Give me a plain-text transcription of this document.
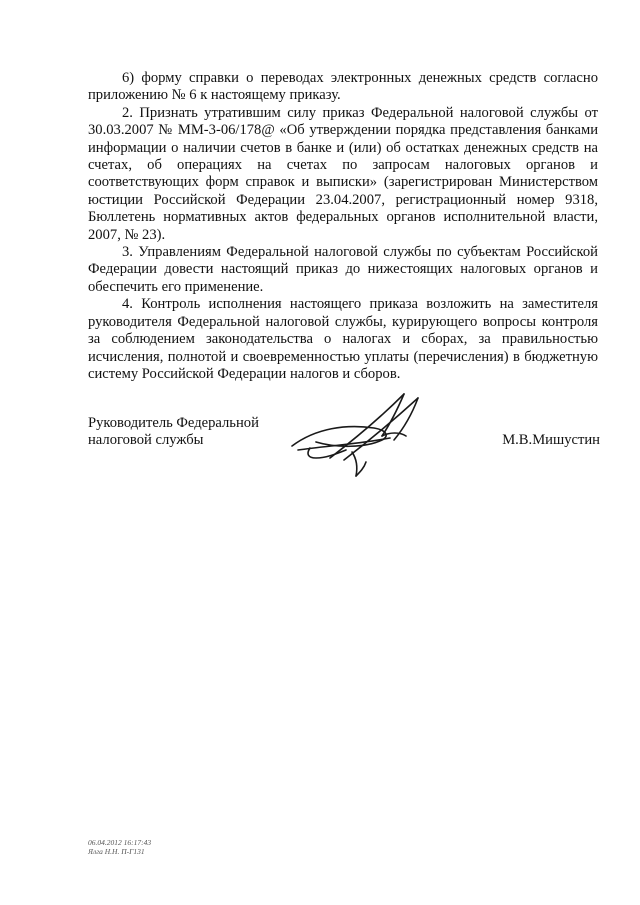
6) форму справки о переводах электронных денежных средств согласно приложению № 6 к настоящему приказу.

2. Признать утратившим силу приказ Федеральной налоговой службы от 30.03.2007 № ММ-3-06/178@ «Об утверждении порядка представления банками информации о наличии счетов в банке и (или) об остатках денежных средств на счетах, об операциях на счетах по запросам налоговых органов и соответствующих форм справок и выписки» (зарегистрирован Министерством юстиции Российской Федерации 23.04.2007, регистрационный номер 9318, Бюллетень нормативных актов федеральных органов исполнительной власти, 2007, № 23).

3. Управлениям Федеральной налоговой службы по субъектам Российской Федерации довести настоящий приказ до нижестоящих налоговых органов и обеспечить его применение.

4. Контроль исполнения настоящего приказа возложить на заместителя руководителя Федеральной налоговой службы, курирующего вопросы контроля за соблюдением законодательства о налогах и сборах, за правильностью исчисления, полнотой и своевременностью уплаты (перечисления) в бюджетную систему Российской Федерации налогов и сборов.

Руководитель Федеральной
налоговой службы	М.В.Мишустин
06.04.2012 16:17:43
Ялга Н.Н. П-Г131
